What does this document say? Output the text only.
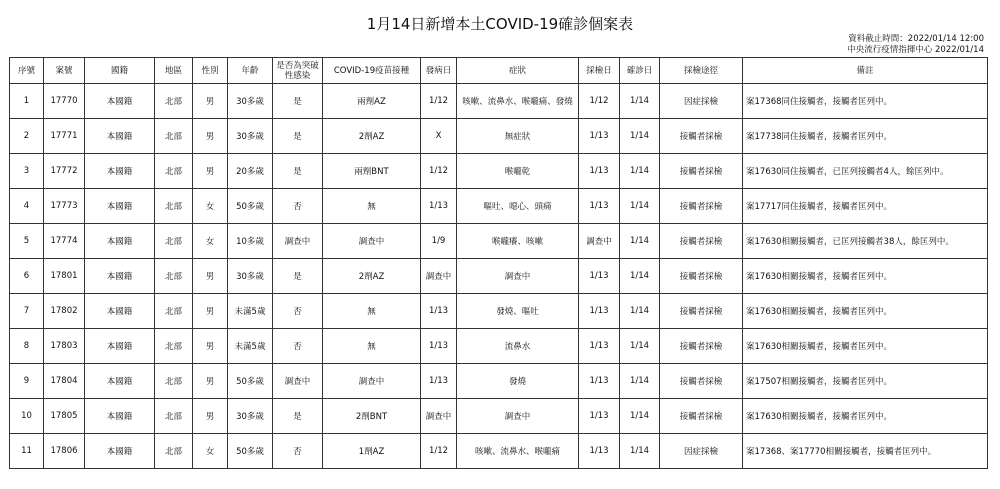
1月14日新增本土COVID-19確診個案表
資料截止時間：2022/01/14 12:00
中央流行疫情指揮中心 2022/01/14
序號	案號	國籍	地區	性別	年齡	是否為突破性感染	COVID-19疫苗接種	發病日	症狀	採檢日	確診日	採檢途徑	備註
1	17770	本國籍	北部	男	30多歲	是	兩劑AZ	1/12	咳嗽、流鼻水、喉嚨痛、發燒	1/12	1/14	因症採檢	案17368同住接觸者，接觸者匡列中。
2	17771	本國籍	北部	男	30多歲	是	2劑AZ	X	無症狀	1/13	1/14	接觸者採檢	案17738同住接觸者，接觸者匡列中。
3	17772	本國籍	北部	男	20多歲	是	兩劑BNT	1/12	喉嚨乾	1/13	1/14	接觸者採檢	案17630同住接觸者，已匡列接觸者4人，餘匡列中。
4	17773	本國籍	北部	女	50多歲	否	無	1/13	嘔吐、噁心、頭痛	1/13	1/14	接觸者採檢	案17717同住接觸者，接觸者匡列中。
5	17774	本國籍	北部	女	10多歲	調查中	調查中	1/9	喉嚨癢、咳嗽	調查中	1/14	接觸者採檢	案17630相關接觸者，已匡列接觸者38人，餘匡列中。
6	17801	本國籍	北部	男	30多歲	是	2劑AZ	調查中	調查中	1/13	1/14	接觸者採檢	案17630相關接觸者，接觸者匡列中。
7	17802	本國籍	北部	男	未滿5歲	否	無	1/13	發燒、嘔吐	1/13	1/14	接觸者採檢	案17630相關接觸者，接觸者匡列中。
8	17803	本國籍	北部	男	未滿5歲	否	無	1/13	流鼻水	1/13	1/14	接觸者採檢	案17630相關接觸者，接觸者匡列中。
9	17804	本國籍	北部	男	50多歲	調查中	調查中	1/13	發燒	1/13	1/14	接觸者採檢	案17507相關接觸者，接觸者匡列中。
10	17805	本國籍	北部	男	30多歲	是	2劑BNT	調查中	調查中	1/13	1/14	接觸者採檢	案17630相關接觸者，接觸者匡列中。
11	17806	本國籍	北部	女	50多歲	否	1劑AZ	1/12	咳嗽、流鼻水、喉嚨痛	1/13	1/14	因症採檢	案17368、案17770相關接觸者，接觸者匡列中。
